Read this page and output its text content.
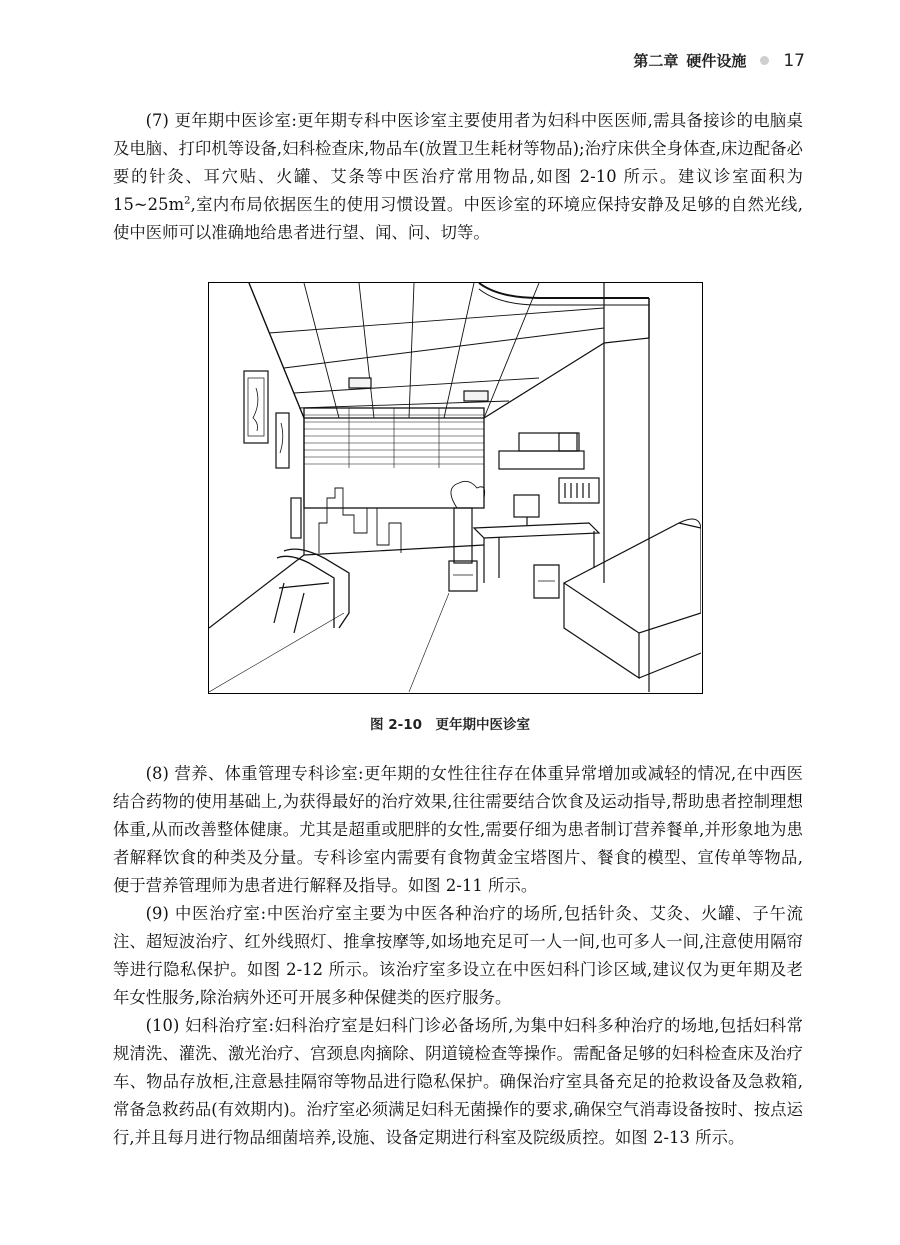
第二章 硬件设施 17

(7) 更年期中医诊室:更年期专科中医诊室主要使用者为妇科中医医师,需具备接诊的电脑桌及电脑、打印机等设备,妇科检查床,物品车(放置卫生耗材等物品);治疗床供全身体查,床边配备必要的针灸、耳穴贴、火罐、艾条等中医治疗常用物品,如图 2-10 所示。建议诊室面积为 $15\sim 25m^2$,室内布局依据医生的使用习惯设置。中医诊室的环境应保持安静及足够的自然光线,使中医师可以准确地给患者进行望、闻、问、切等。

图 2-10　更年期中医诊室

(8) 营养、体重管理专科诊室:更年期的女性往往存在体重异常增加或减轻的情况,在中西医结合药物的使用基础上,为获得最好的治疗效果,往往需要结合饮食及运动指导,帮助患者控制理想体重,从而改善整体健康。尤其是超重或肥胖的女性,需要仔细为患者制订营养餐单,并形象地为患者解释饮食的种类及分量。专科诊室内需要有食物黄金宝塔图片、餐食的模型、宣传单等物品,便于营养管理师为患者进行解释及指导。如图 2-11 所示。

(9) 中医治疗室:中医治疗室主要为中医各种治疗的场所,包括针灸、艾灸、火罐、子午流注、超短波治疗、红外线照灯、推拿按摩等,如场地充足可一人一间,也可多人一间,注意使用隔帘等进行隐私保护。如图 2-12 所示。该治疗室多设立在中医妇科门诊区域,建议仅为更年期及老年女性服务,除治病外还可开展多种保健类的医疗服务。

(10) 妇科治疗室:妇科治疗室是妇科门诊必备场所,为集中妇科多种治疗的场地,包括妇科常规清洗、灌洗、激光治疗、宫颈息肉摘除、阴道镜检查等操作。需配备足够的妇科检查床及治疗车、物品存放柜,注意悬挂隔帘等物品进行隐私保护。确保治疗室具备充足的抢救设备及急救箱,常备急救药品(有效期内)。治疗室必须满足妇科无菌操作的要求,确保空气消毒设备按时、按点运行,并且每月进行物品细菌培养,设施、设备定期进行科室及院级质控。如图 2-13 所示。
